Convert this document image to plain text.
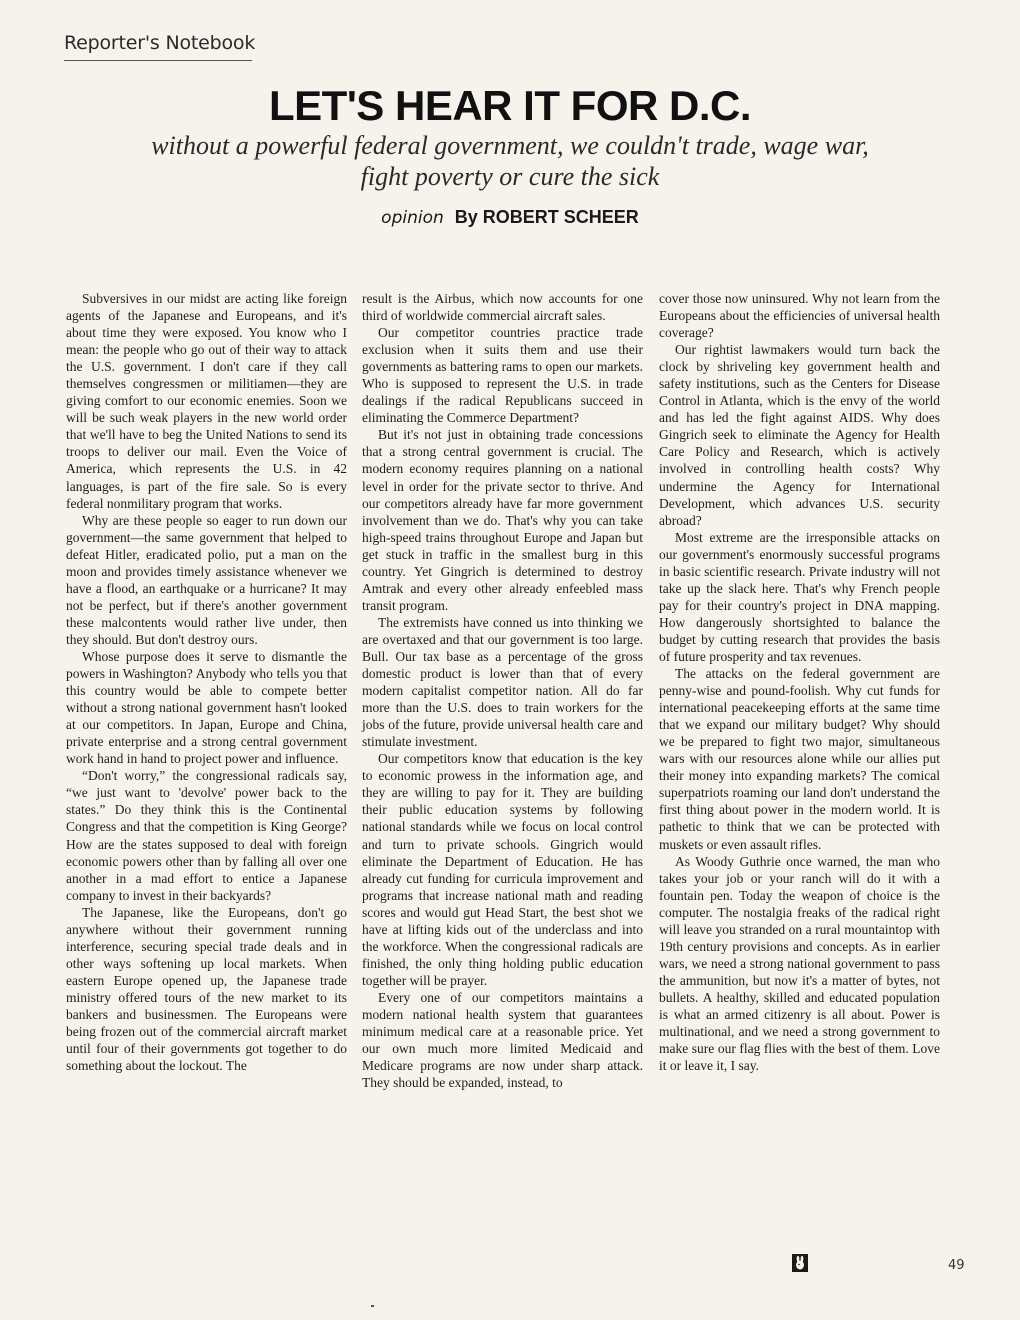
Reporter's Notebook
LET'S HEAR IT FOR D.C.
without a powerful federal government, we couldn't trade, wage war, fight poverty or cure the sick
opinion By ROBERT SCHEER

Subversives in our midst are acting like foreign agents of the Japanese and Europeans, and it's about time they were exposed. You know who I mean: the people who go out of their way to attack the U.S. government. I don't care if they call themselves congressmen or militiamen—they are giving comfort to our economic enemies. Soon we will be such weak players in the new world order that we'll have to beg the United Nations to send its troops to deliver our mail. Even the Voice of America, which represents the U.S. in 42 languages, is part of the fire sale. So is every federal nonmilitary program that works.

Why are these people so eager to run down our government—the same government that helped to defeat Hitler, eradicated polio, put a man on the moon and provides timely assistance whenever we have a flood, an earthquake or a hurricane? It may not be perfect, but if there's another government these malcontents would rather live under, then they should. But don't destroy ours.

Whose purpose does it serve to dismantle the powers in Washington? Anybody who tells you that this country would be able to compete better without a strong national government hasn't looked at our competitors. In Japan, Europe and China, private enterprise and a strong central government work hand in hand to project power and influence.

“Don't worry,” the congressional radicals say, “we just want to 'devolve' power back to the states.” Do they think this is the Continental Congress and that the competition is King George? How are the states supposed to deal with foreign economic powers other than by falling all over one another in a mad effort to entice a Japanese company to invest in their backyards?

The Japanese, like the Europeans, don't go anywhere without their government running interference, securing special trade deals and in other ways softening up local markets. When eastern Europe opened up, the Japanese trade ministry offered tours of the new market to its bankers and businessmen. The Europeans were being frozen out of the commercial aircraft market until four of their governments got together to do something about the lockout. The

result is the Airbus, which now accounts for one third of worldwide commercial aircraft sales.

Our competitor countries practice trade exclusion when it suits them and use their governments as battering rams to open our markets. Who is supposed to represent the U.S. in trade dealings if the radical Republicans succeed in eliminating the Commerce Department?

But it's not just in obtaining trade concessions that a strong central government is crucial. The modern economy requires planning on a national level in order for the private sector to thrive. And our competitors already have far more government involvement than we do. That's why you can take high-speed trains throughout Europe and Japan but get stuck in traffic in the smallest burg in this country. Yet Gingrich is determined to destroy Amtrak and every other already enfeebled mass transit program.

The extremists have conned us into thinking we are overtaxed and that our government is too large. Bull. Our tax base as a percentage of the gross domestic product is lower than that of every modern capitalist competitor nation. All do far more than the U.S. does to train workers for the jobs of the future, provide universal health care and stimulate investment.

Our competitors know that education is the key to economic prowess in the information age, and they are willing to pay for it. They are building their public education systems by following national standards while we focus on local control and turn to private schools. Gingrich would eliminate the Department of Education. He has already cut funding for curricula improvement and programs that increase national math and reading scores and would gut Head Start, the best shot we have at lifting kids out of the underclass and into the workforce. When the congressional radicals are finished, the only thing holding public education together will be prayer.

Every one of our competitors maintains a modern national health system that guarantees minimum medical care at a reasonable price. Yet our own much more limited Medicaid and Medicare programs are now under sharp attack. They should be expanded, instead, to

cover those now uninsured. Why not learn from the Europeans about the efficiencies of universal health coverage?

Our rightist lawmakers would turn back the clock by shriveling key government health and safety institutions, such as the Centers for Disease Control in Atlanta, which is the envy of the world and has led the fight against AIDS. Why does Gingrich seek to eliminate the Agency for Health Care Policy and Research, which is actively involved in controlling health costs? Why undermine the Agency for International Development, which advances U.S. security abroad?

Most extreme are the irresponsible attacks on our government's enormously successful programs in basic scientific research. Private industry will not take up the slack here. That's why French people pay for their country's project in DNA mapping. How dangerously shortsighted to balance the budget by cutting research that provides the basis of future prosperity and tax revenues.

The attacks on the federal government are penny-wise and pound-foolish. Why cut funds for international peacekeeping efforts at the same time that we expand our military budget? Why should we be prepared to fight two major, simultaneous wars with our resources alone while our allies put their money into expanding markets? The comical superpatriots roaming our land don't understand the first thing about power in the modern world. It is pathetic to think that we can be protected with muskets or even assault rifles.

As Woody Guthrie once warned, the man who takes your job or your ranch will do it with a fountain pen. Today the weapon of choice is the computer. The nostalgia freaks of the radical right will leave you stranded on a rural mountaintop with 19th century provisions and concepts. As in earlier wars, we need a strong national government to pass the ammunition, but now it's a matter of bytes, not bullets. A healthy, skilled and educated population is what an armed citizenry is all about. Power is multinational, and we need a strong government to make sure our flag flies with the best of them. Love it or leave it, I say.

49
